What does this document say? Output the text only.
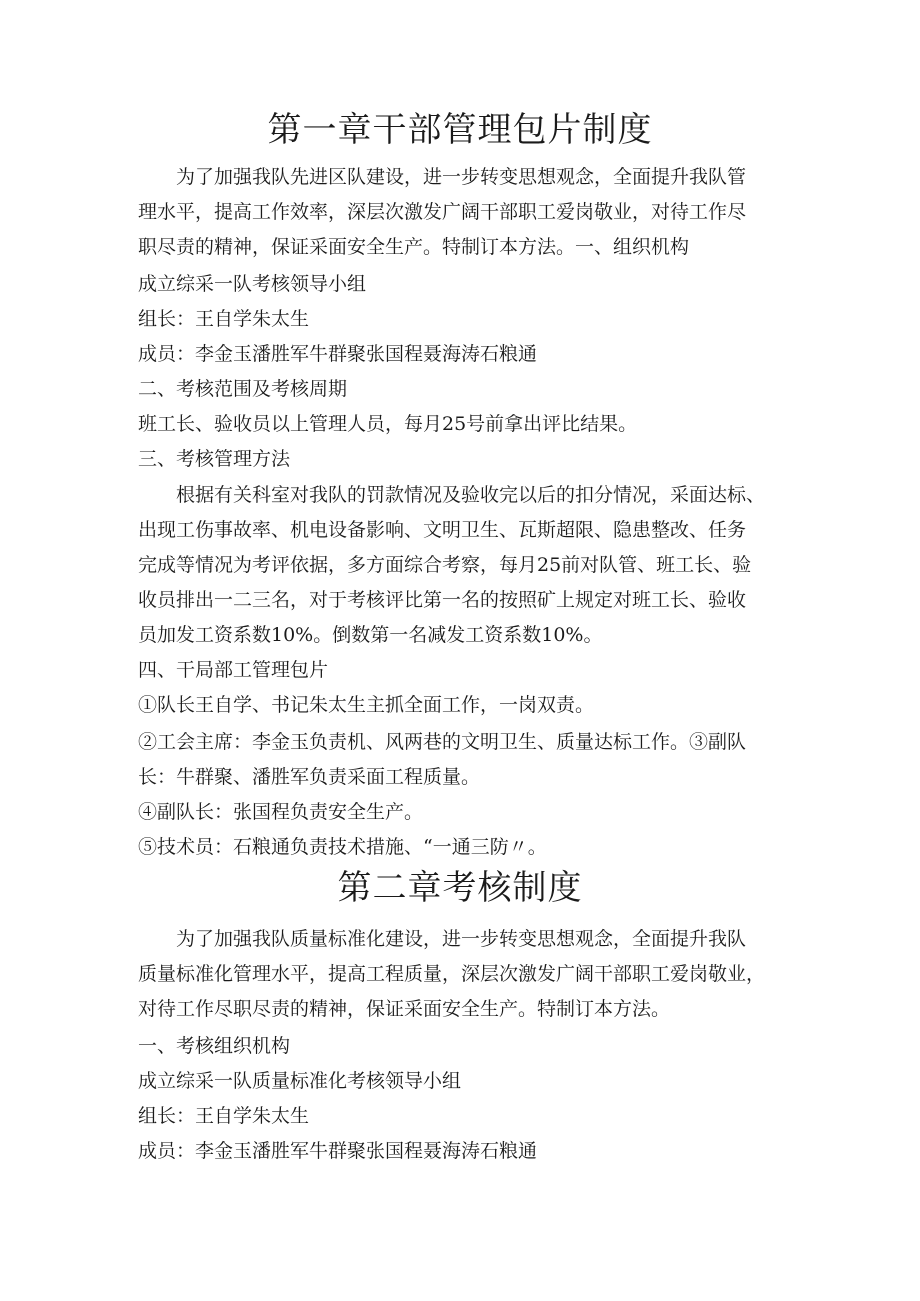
第一章干部管理包片制度

为了加强我队先进区队建设，进一步转变思想观念，全面提升我队管

理水平，提高工作效率，深层次激发广阔干部职工爱岗敬业，对待工作尽

职尽责的精神，保证采面安全生产。特制订本方法。一、组织机构

成立综采一队考核领导小组

组长：王自学朱太生

成员：李金玉潘胜军牛群聚张国程聂海涛石粮通

二、考核范围及考核周期

班工长、验收员以上管理人员，每月25号前拿出评比结果。

三、考核管理方法

根据有关科室对我队的罚款情况及验收完以后的扣分情况，采面达标、

出现工伤事故率、机电设备影响、文明卫生、瓦斯超限、隐患整改、任务

完成等情况为考评依据，多方面综合考察，每月25前对队管、班工长、验

收员排出一二三名，对于考核评比第一名的按照矿上规定对班工长、验收

员加发工资系数10%。倒数第一名减发工资系数10%。

四、干局部工管理包片

①队长王自学、书记朱太生主抓全面工作，一岗双责。

②工会主席：李金玉负责机、风两巷的文明卫生、质量达标工作。③副队

长：牛群聚、潘胜军负责采面工程质量。

④副队长：张国程负责安全生产。

⑤技术员：石粮通负责技术措施、“一通三防〃。

第二章考核制度

为了加强我队质量标准化建设，进一步转变思想观念，全面提升我队

质量标准化管理水平，提高工程质量，深层次激发广阔干部职工爱岗敬业，

对待工作尽职尽责的精神，保证采面安全生产。特制订本方法。

一、考核组织机构

成立综采一队质量标准化考核领导小组

组长：王自学朱太生

成员：李金玉潘胜军牛群聚张国程聂海涛石粮通
